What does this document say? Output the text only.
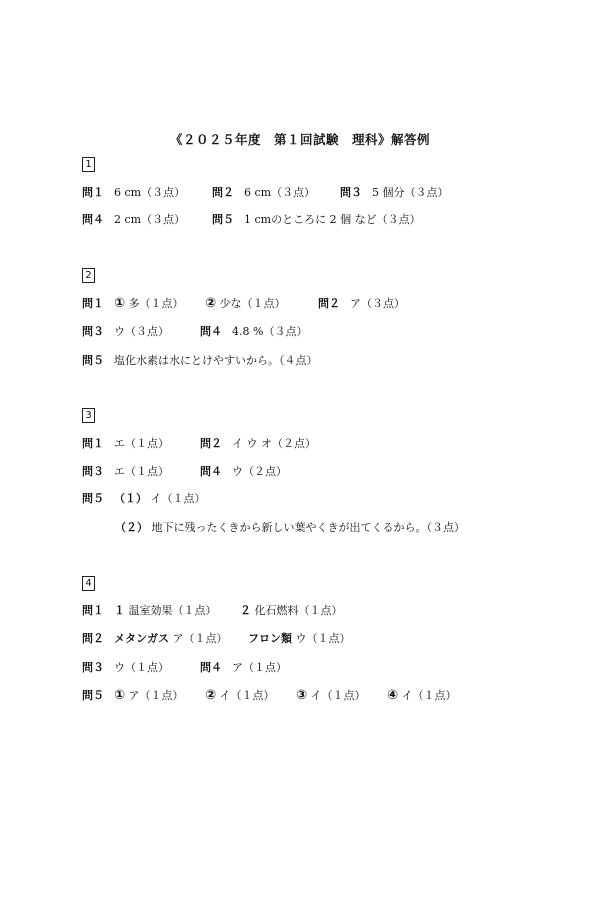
《２０２５年度　第１回試験　理科》解答例
1
問１ 6 cm（３点） 問２ 6 cm（３点） 問３ 5 個分（３点）
問４ 2 cm（３点） 問５ 1 cmのところに 2 個 など（３点）
2
問１ ① 多（１点） ② 少な（１点）	問２ ア（３点）
問３ ウ（３点）	問４ 4.8 %（３点）
問５ 塩化水素は水にとけやすいから。（４点）
3
問１ エ（１点）	問２ イ ウ オ（２点）
問３ エ（１点）	問４ ウ（２点）
問５ （１） イ（１点）
（２） 地下に残ったくきから新しい葉やくきが出てくるから。（３点）
4
問１ １ 温室効果（１点） ２ 化石燃料（１点）
問２ メタンガス ア（１点） フロン類 ウ（１点）
問３ ウ（１点）	問４ ア（１点）
問５ ① ア（１点） ② イ（１点） ③ イ（１点） ④ イ（１点）
